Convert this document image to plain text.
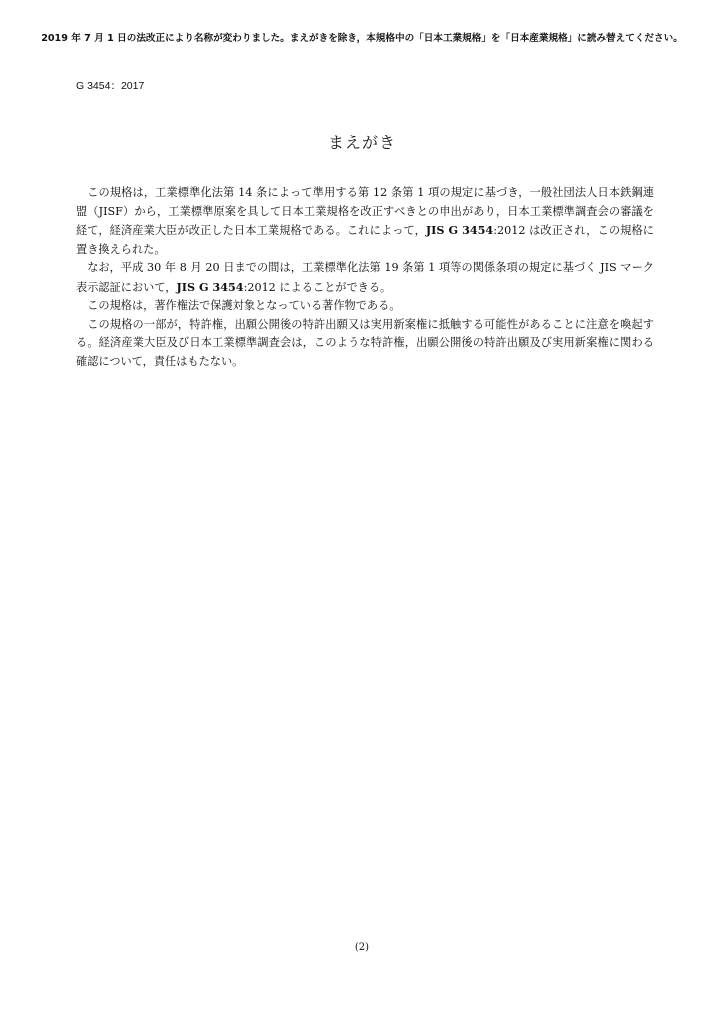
2019 年 7 月 1 日の法改正により名称が変わりました。まえがきを除き，本規格中の「日本工業規格」を「日本産業規格」に読み替えてください。
G 3454：2017
まえがき

この規格は，工業標準化法第 14 条によって準用する第 12 条第 1 項の規定に基づき，一般社団法人日本鉄鋼連盟（JISF）から，工業標準原案を具して日本工業規格を改正すべきとの申出があり，日本工業標準調査会の審議を経て，経済産業大臣が改正した日本工業規格である。これによって，JIS G 3454:2012 は改正され，この規格に置き換えられた。

なお，平成 30 年 8 月 20 日までの間は，工業標準化法第 19 条第 1 項等の関係条項の規定に基づく JIS マーク表示認証において，JIS G 3454:2012 によることができる。

この規格は，著作権法で保護対象となっている著作物である。

この規格の一部が，特許権，出願公開後の特許出願又は実用新案権に抵触する可能性があることに注意を喚起する。経済産業大臣及び日本工業標準調査会は，このような特許権，出願公開後の特許出願及び実用新案権に関わる確認について，責任はもたない。

(2)
